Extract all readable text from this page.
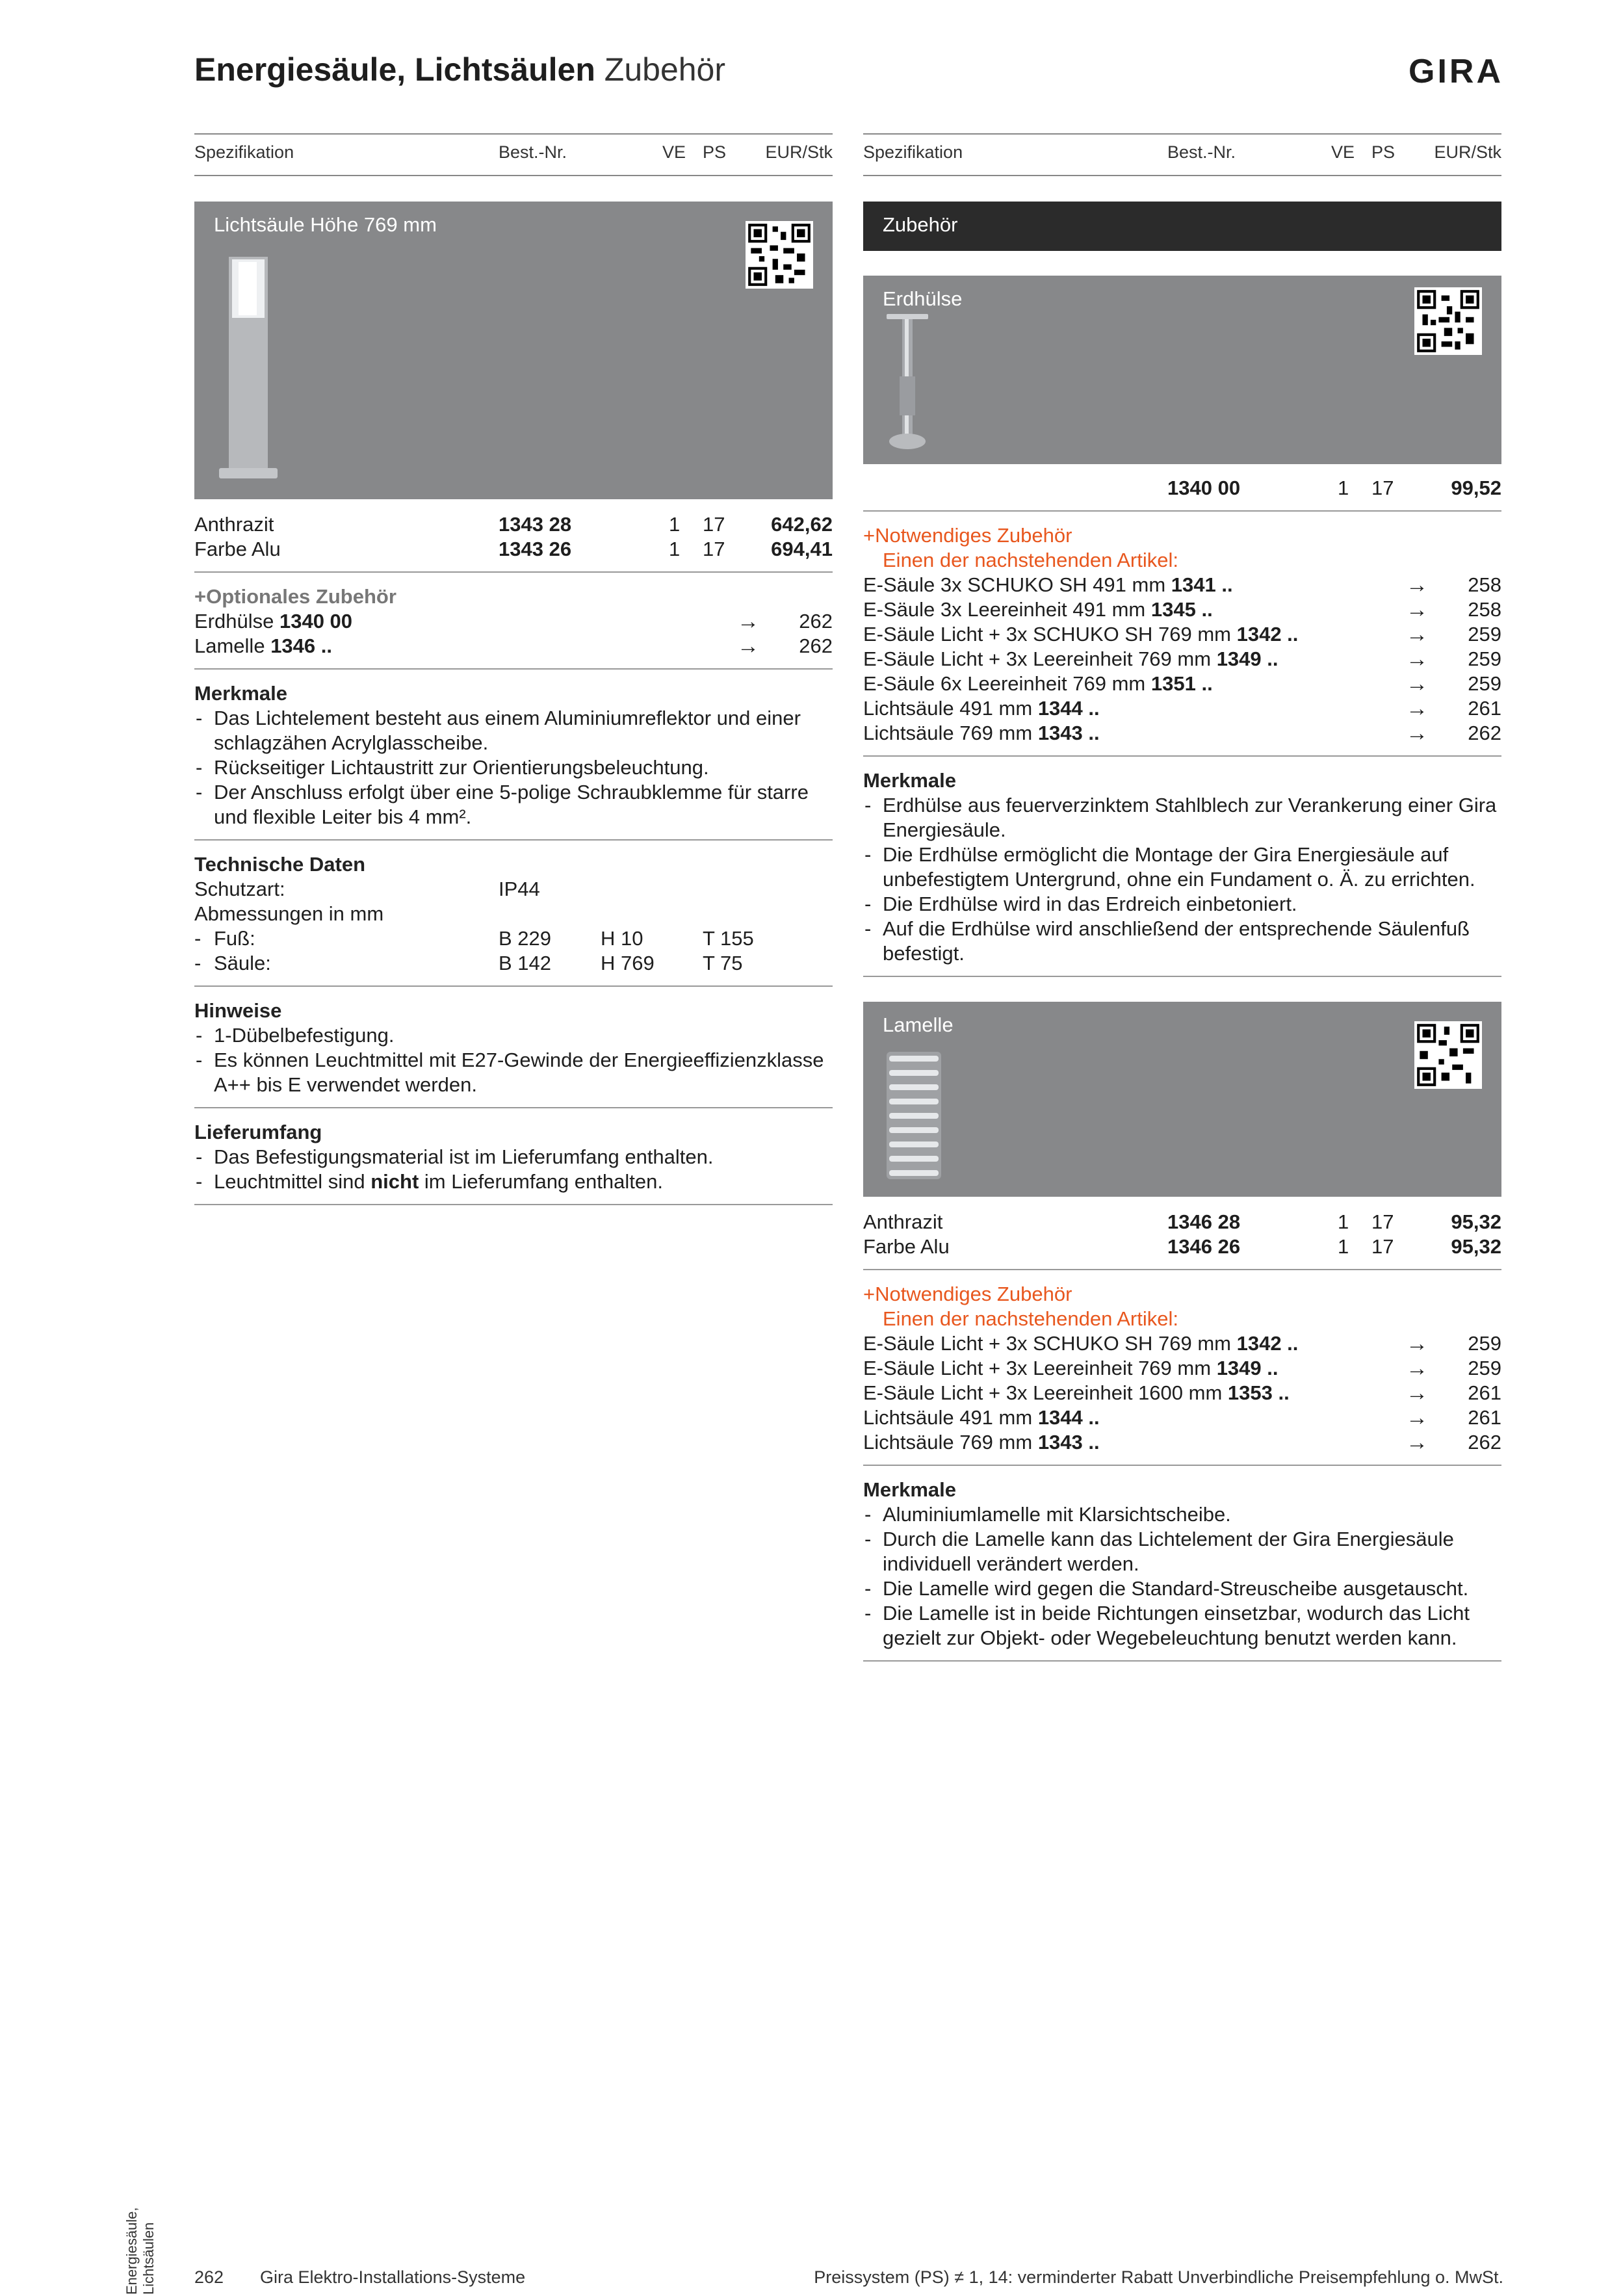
Energiesäule, Lichtsäulen Zubehör	GIRA
Spezifikation	Best.-Nr.	VE PS EUR/Stk
Lichtsäule Höhe 769 mm
Anthrazit	1343 28	1 17 642,62
Farbe Alu	1343 26	1 17 694,41
+Optionales Zubehör
Erdhülse 1340 00	→ 262
Lamelle 1346 ..	→ 262
Merkmale
- Das Lichtelement besteht aus einem Aluminiumreflektor und einer schlagzähen Acrylglasscheibe.
- Rückseitiger Lichtaustritt zur Orientierungsbeleuchtung.
- Der Anschluss erfolgt über eine 5-polige Schraubklemme für starre und flexible Leiter bis 4 mm².
Technische Daten
Schutzart:	IP44
Abmessungen in mm
- Fuß:	B 229 H 10	T 155
- Säule:	B 142 H 769 T 75
Hinweise
- 1-Dübelbefestigung.
- Es können Leuchtmittel mit E27-Gewinde der Energieeffizienzklasse A++ bis E verwendet werden.
Lieferumfang
- Das Befestigungsmaterial ist im Lieferumfang enthalten.
- Leuchtmittel sind nicht im Lieferumfang enthalten.
Spezifikation	Best.-Nr.	VE PS EUR/Stk
Zubehör
Erdhülse
1340 00	1 17	99,52
+Notwendiges Zubehör
Einen der nachstehenden Artikel:
E-Säule 3x SCHUKO SH 491 mm 1341 ..	→ 258
E-Säule 3x Leereinheit 491 mm 1345 ..	→ 258
E-Säule Licht + 3x SCHUKO SH 769 mm 1342 ..	→ 259
E-Säule Licht + 3x Leereinheit 769 mm 1349 ..	→ 259
E-Säule 6x Leereinheit 769 mm 1351 ..	→ 259
Lichtsäule 491 mm 1344 ..	→ 261
Lichtsäule 769 mm 1343 ..	→ 262
Merkmale
- Erdhülse aus feuerverzinktem Stahlblech zur Verankerung einer Gira Energiesäule.
- Die Erdhülse ermöglicht die Montage der Gira Energiesäule auf unbefestigtem Untergrund, ohne ein Fundament o. Ä. zu errichten.
- Die Erdhülse wird in das Erdreich einbetoniert.
- Auf die Erdhülse wird anschließend der entsprechende Säulenfuß befestigt.
Lamelle
Anthrazit	1346 28	1 17	95,32
Farbe Alu	1346 26	1 17	95,32
+Notwendiges Zubehör
Einen der nachstehenden Artikel:
E-Säule Licht + 3x SCHUKO SH 769 mm 1342 ..	→ 259
E-Säule Licht + 3x Leereinheit 769 mm 1349 ..	→ 259
E-Säule Licht + 3x Leereinheit 1600 mm 1353 ..	→ 261
Lichtsäule 491 mm 1344 ..	→ 261
Lichtsäule 769 mm 1343 ..	→ 262
Merkmale
- Aluminiumlamelle mit Klarsichtscheibe.
- Durch die Lamelle kann das Lichtelement der Gira Energiesäule individuell verändert werden.
- Die Lamelle wird gegen die Standard-Streuscheibe ausgetauscht.
- Die Lamelle ist in beide Richtungen einsetzbar, wodurch das Licht gezielt zur Objekt- oder Wegebeleuchtung benutzt werden kann.
Energiesäule, Lichtsäulen 262 Gira Elektro-Installations-Systeme	Preissystem (PS) ≠ 1, 14: verminderter Rabatt Unverbindliche Preisempfehlung o. MwSt.
